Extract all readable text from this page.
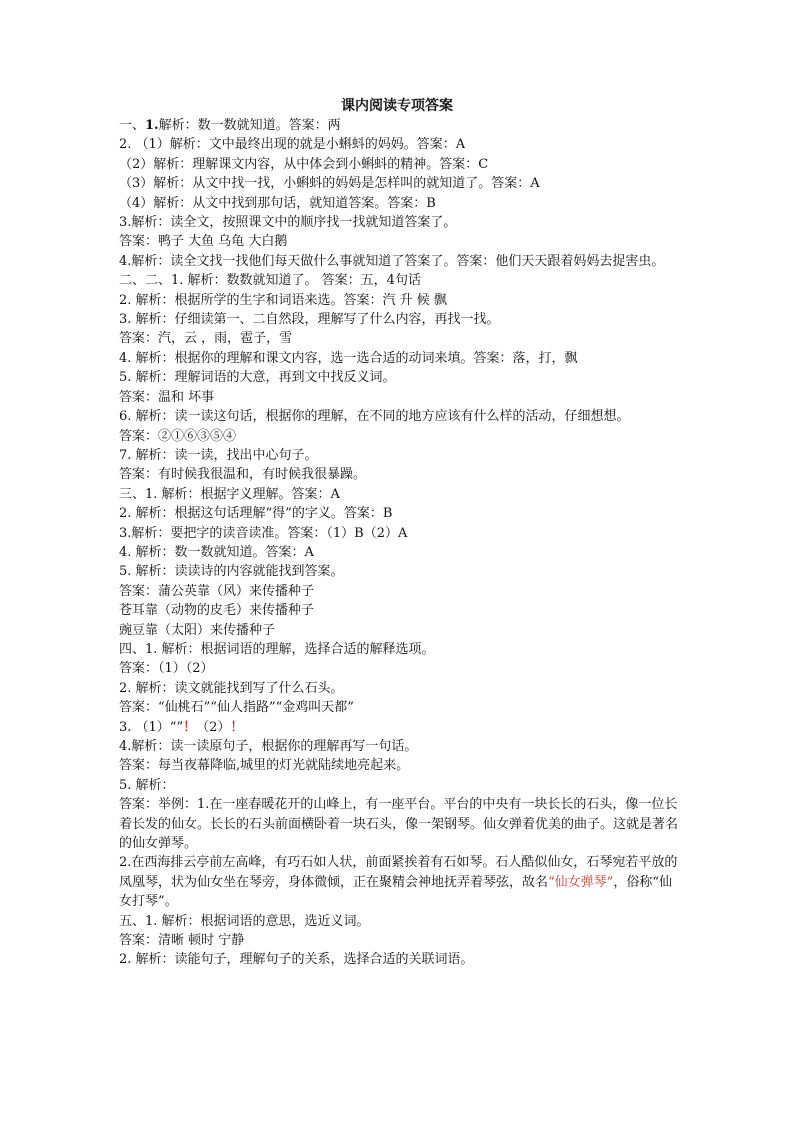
课内阅读专项答案
一、1.解析：数一数就知道。答案：两
2. （1）解析：文中最终出现的就是小蝌蚪的妈妈。答案：A
（2）解析：理解课文内容，从中体会到小蝌蚪的精神。答案：C
（3）解析：从文中找一找，小蝌蚪的妈妈是怎样叫的就知道了。答案：A
（4）解析：从文中找到那句话，就知道答案。答案：B
3.解析：读全文，按照课文中的顺序找一找就知道答案了。
答案：鸭子 大鱼 乌龟 大白鹅
4.解析：读全文找一找他们每天做什么事就知道了答案了。答案：他们天天跟着妈妈去捉害虫。
二、二、1. 解析：数数就知道了。 答案：五，4句话
2. 解析：根据所学的生字和词语来选。答案：汽 升 候 飘
3. 解析：仔细读第一、二自然段，理解写了什么内容，再找一找。
答案：汽，云 ，雨，雹子，雪
4. 解析：根据你的理解和课文内容，选一选合适的动词来填。答案：落，打，飘
5. 解析：理解词语的大意，再到文中找反义词。
答案：温和 坏事
6. 解析：读一读这句话，根据你的理解，在不同的地方应该有什么样的活动，仔细想想。
答案：②①⑥③⑤④
7. 解析：读一读，找出中心句子。
答案：有时候我很温和，有时候我很暴躁。
三、1. 解析：根据字义理解。答案：A
2. 解析：根据这句话理解“得”的字义。答案：B
3.解析：要把字的读音读准。答案：（1）B（2）A
4. 解析：数一数就知道。答案：A
5. 解析：读读诗的内容就能找到答案。
答案：蒲公英靠（风）来传播种子
苍耳靠（动物的皮毛）来传播种子
豌豆靠（太阳）来传播种子
四、1. 解析：根据词语的理解，选择合适的解释选项。
答案：（1）（2）
2. 解析：读文就能找到写了什么石头。
答案：“仙桃石”“仙人指路”“金鸡叫天都”
3. （1）“”！（2）！
4.解析：读一读原句子，根据你的理解再写一句话。
答案：每当夜幕降临,城里的灯光就陆续地亮起来。
5. 解析：
答案：举例：1.在一座春暖花开的山峰上，有一座平台。平台的中央有一块长长的石头，像一位长着长发的仙女。长长的石头前面横卧着一块石头，像一架钢琴。仙女弹着优美的曲子。这就是著名的仙女弹琴。
2.在西海排云亭前左高峰，有巧石如人状，前面紧挨着有石如琴。石人酷似仙女，石琴宛若平放的凤凰琴，状为仙女坐在琴旁，身体微倾，正在聚精会神地抚弄着琴弦，故名“仙女弹琴”，俗称“仙女打琴”。
五、1. 解析：根据词语的意思，选近义词。
答案：清晰 顿时 宁静
2. 解析：读能句子，理解句子的关系，选择合适的关联词语。
